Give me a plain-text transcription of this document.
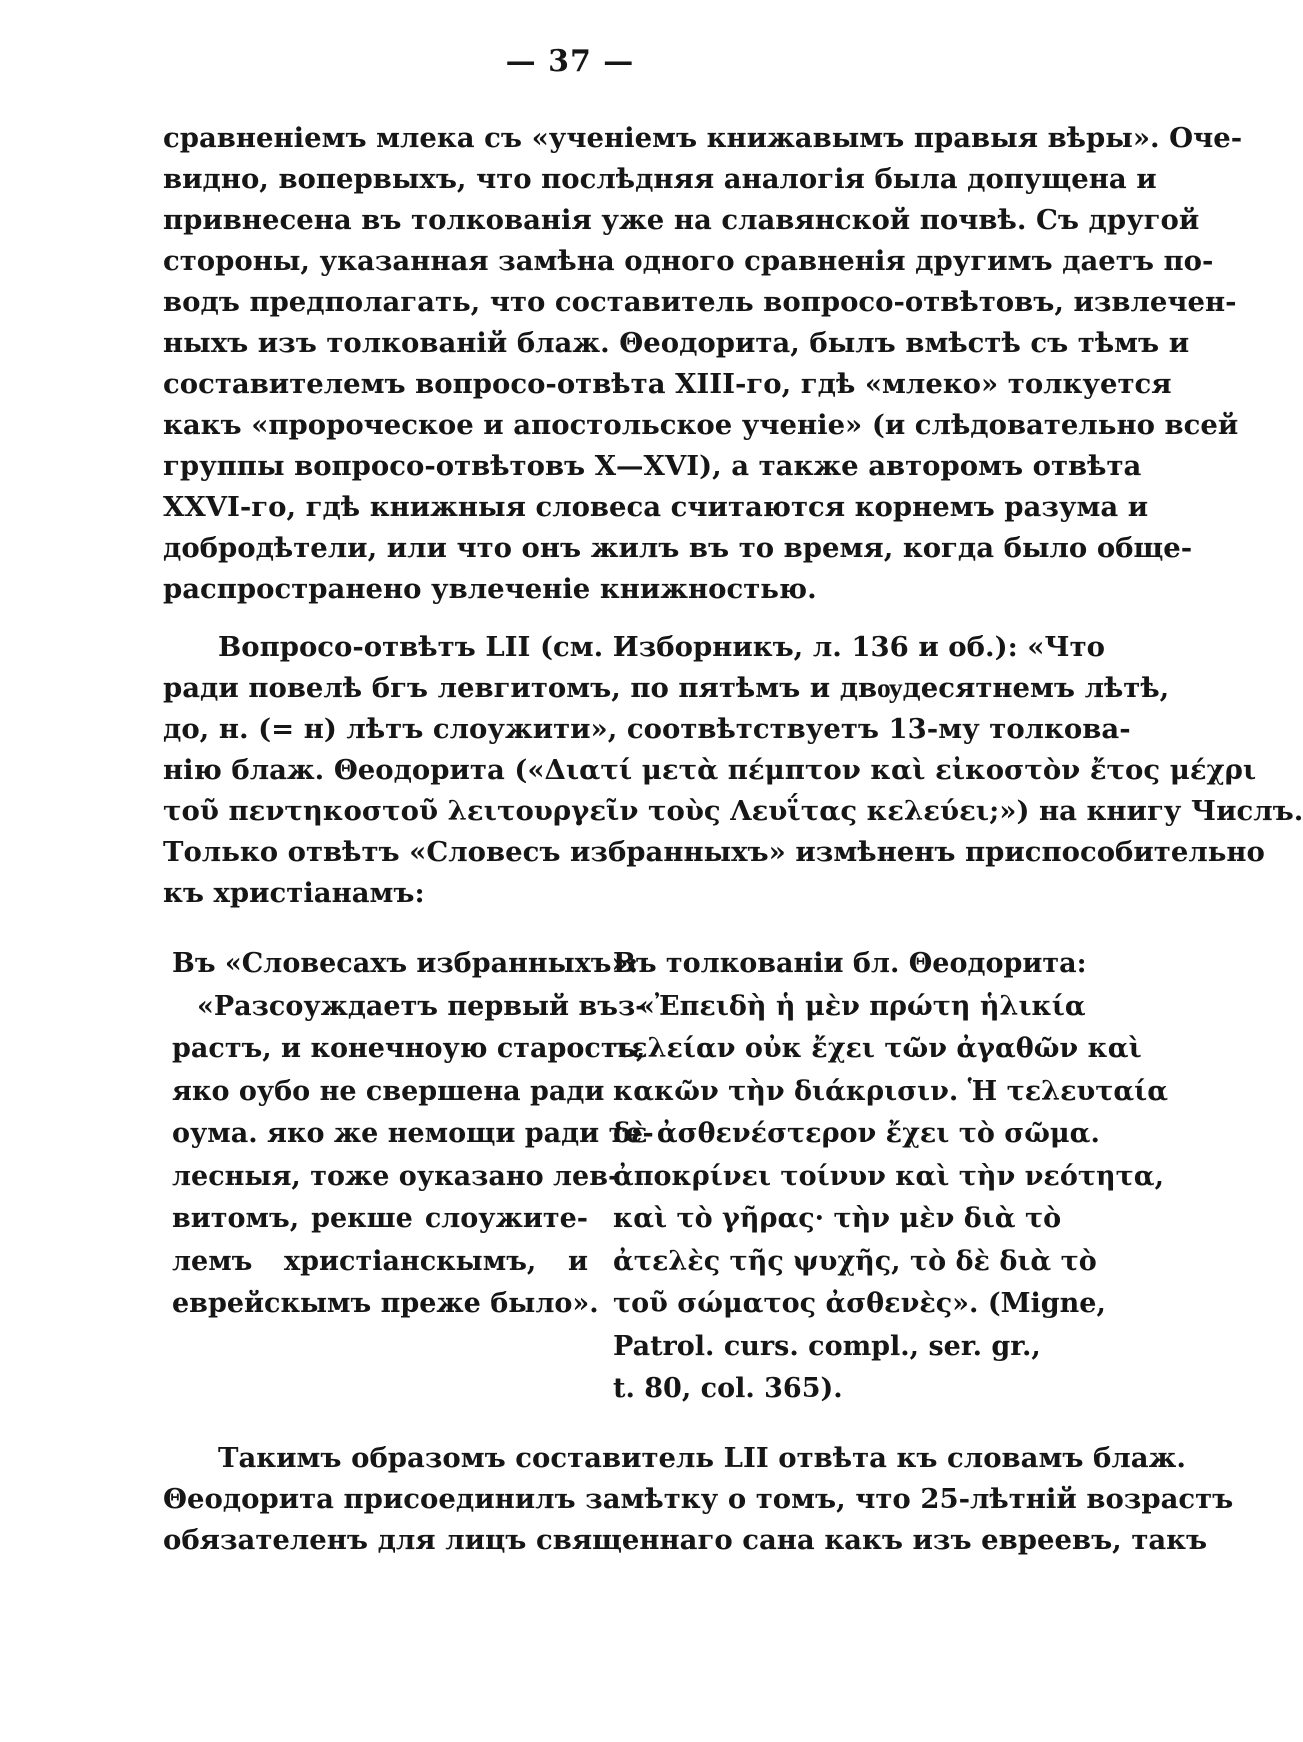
— 37 —
сравненіемъ млека съ «ученіемъ книжавымъ правыя вѣры». Оче-
видно, вопервыхъ, что послѣдняя аналогія была допущена и
привнесена въ толкованія уже на славянской почвѣ. Съ другой
стороны, указанная замѣна одного сравненія другимъ даетъ по-
водъ предполагать, что составитель вопросо-отвѣтовъ, извлечен-
ныхъ изъ толкованій блаж. Θеодорита, былъ вмѣстѣ съ тѣмъ и
составителемъ вопросо-отвѣта XIII-го, гдѣ «млеко» толкуется
какъ «пророческое и апостольское ученіе» (и слѣдовательно всей
группы вопросо-отвѣтовъ X—XVI), а также авторомъ отвѣта
XXVI-го, гдѣ книжныя словеса считаются корнемъ разума и
добродѣтели, или что онъ жилъ въ то время, когда было обще-
распространено увлеченіе книжностью.
Вопросо-отвѣтъ LII (см. Изборникъ, л. 136 и об.): «Что
ради повелѣ бгъ левгитомъ, по пятѣмъ и двѹдесятнемъ лѣтѣ,
до, н. (= н) лѣтъ слоужити», соотвѣтствуетъ 13-му толкова-
нію блаж. Θеодорита («Διατί μετὰ πέμπτον καὶ εἰκοστὸν ἔτος μέχρι
τοῦ πεντηκοστοῦ λειτουργεῖν τοὺς Λευΐτας κελεύει;») на книгу Числъ.
Только отвѣтъ «Словесъ избранныхъ» измѣненъ приспособительно
къ христіанамъ:
Въ «Словесахъ избранныхъ»:
«Разсоуждаетъ первый въз-
растъ, и конечноую старость,
яко оубо не свершена ради
оума. яко же немощи ради те-
лесныя, тоже оуказано лев-
витомъ, рекше слоужите-
лемъ христіанскымъ, и
еврейскымъ преже было».
Въ толкованіи бл. Θеодорита:
«Ἐπειδὴ ἡ μὲν πρώτη ἡλικία
τελείαν οὐκ ἔχει τῶν ἀγαθῶν καὶ
κακῶν τὴν διάκρισιν. Ἡ τελευταία
δὲ ἀσθενέστερον ἔχει τὸ σῶμα.
ἀποκρίνει τοίνυν καὶ τὴν νεότητα,
καὶ τὸ γῆρας· τὴν μὲν διὰ τὸ
ἀτελὲς τῆς ψυχῆς, τὸ δὲ διὰ τὸ
τοῦ σώματος ἀσθενὲς». (Migne,
Patrol. curs. compl., ser. gr.,
t. 80, col. 365).
Такимъ образомъ составитель LII отвѣта къ словамъ блаж.
Θеодорита присоединилъ замѣтку о томъ, что 25-лѣтній возрастъ
обязателенъ для лицъ священнаго сана какъ изъ евреевъ, такъ
